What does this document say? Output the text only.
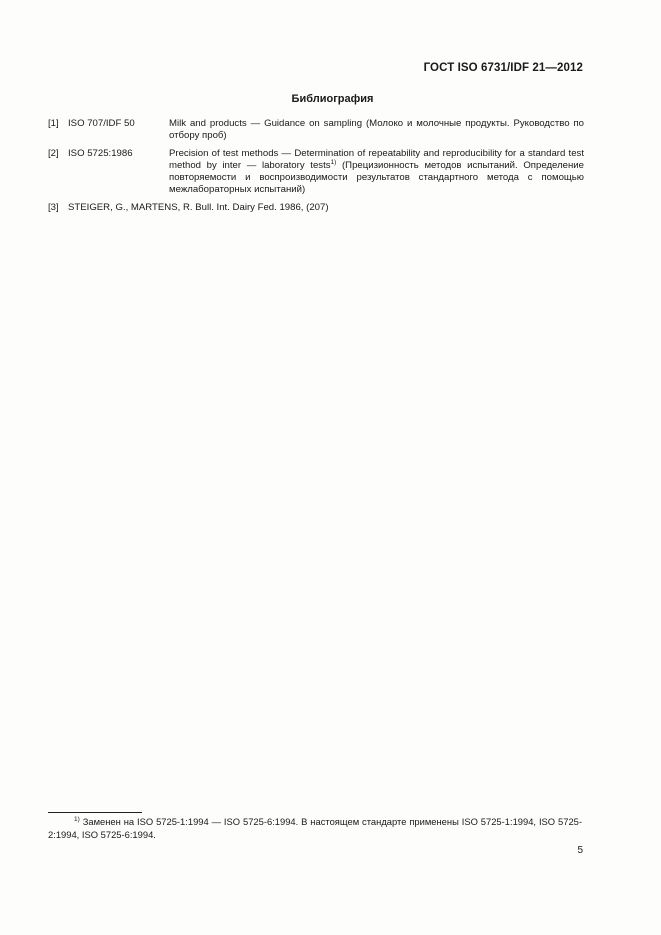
ГОСТ ISO 6731/IDF 21—2012
Библиография
[1] ISO 707/IDF 50	Milk and products — Guidance on sampling (Молоко и молочные продукты. Руководство по отбору проб)
[2] ISO 5725:1986	Precision of test methods — Determination of repeatability and reproducibility for a standard test method by inter — laboratory tests$^{1)}$ (Прецизионность методов испытаний. Определение повторяемости и воспроизводимости результатов стандартного метода с помощью межлабораторных испытаний)
[3] STEIGER, G., MARTENS, R. Bull. Int. Dairy Fed. 1986, (207)
$^{1)}$ Заменен на ISO 5725-1:1994 — ISO 5725-6:1994. В настоящем стандарте применены ISO 5725-1:1994, ISO 5725-2:1994, ISO 5725-6:1994.
5
